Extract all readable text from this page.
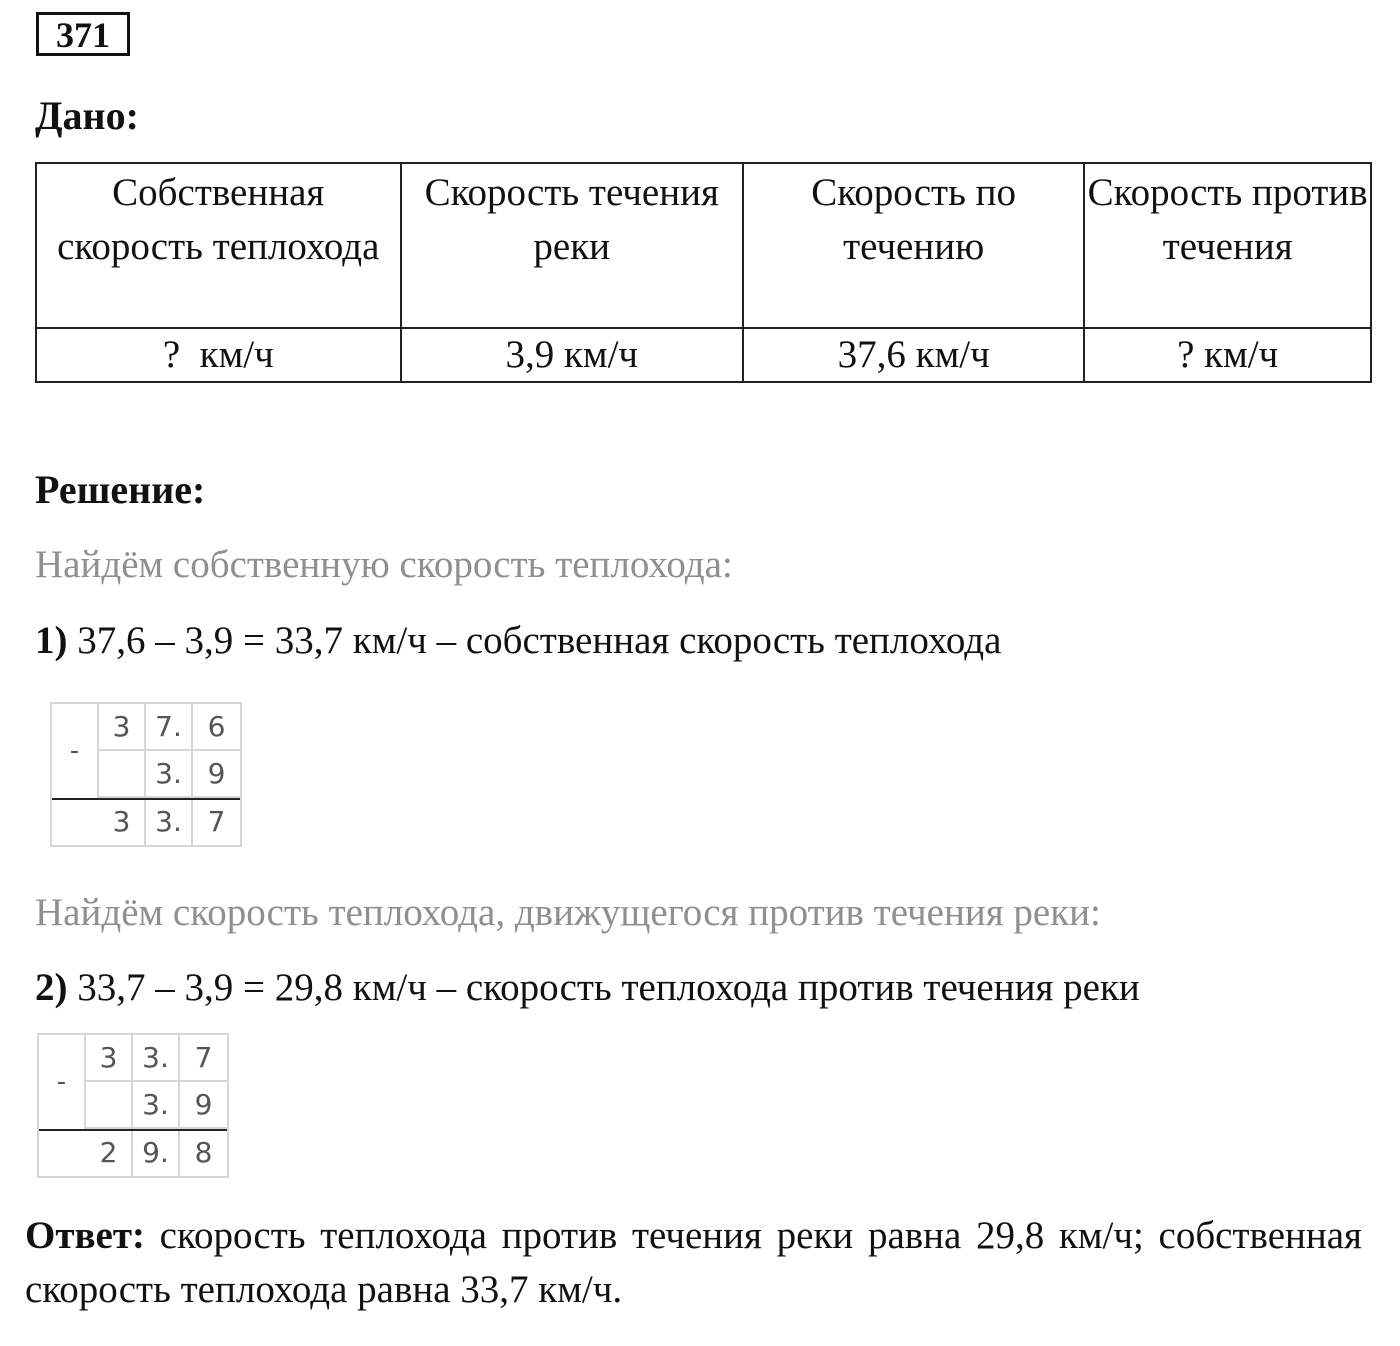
371
Дано:
Собственная скорость теплохода	Скорость течения реки	Скорость по течению	Скорость против течения
?  км/ч	3,9 км/ч	37,6 км/ч	? км/ч
Решение:
Найдём собственную скорость теплохода:
1) 37,6 – 3,9 = 33,7 км/ч – собственная скорость теплохода
-
3 7. 6
3. 9
3 3. 7
Найдём скорость теплохода, движущегося против течения реки:
2) 33,7 – 3,9 = 29,8 км/ч – скорость теплохода против течения реки
-
3 3. 7
3. 9
2 9. 8
Ответ: скорость теплохода против течения реки равна 29,8 км/ч; собственная скорость теплохода равна 33,7 км/ч.
